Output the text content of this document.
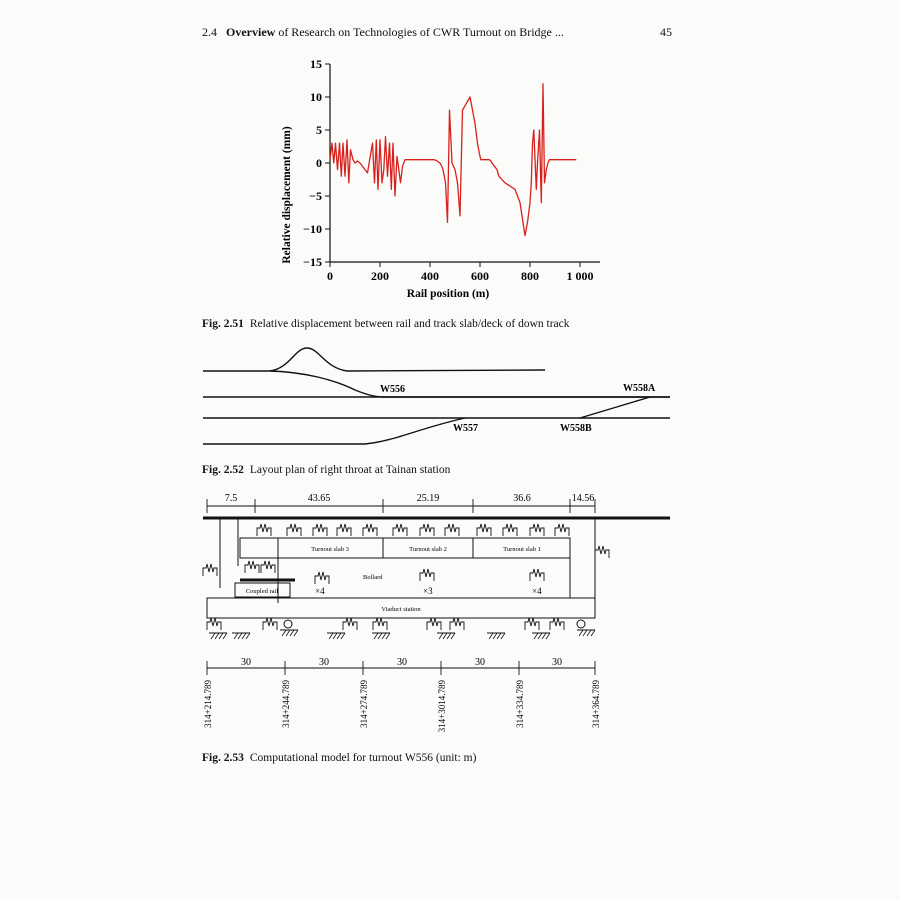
2.4 Overview of Research on Technologies of CWR Turnout on Bridge ...	45
15
10
5
0
−5
−10
−15
0	200	400	600	800 1 000
Relative displacement (mm)
Rail position (m)
Fig. 2.51 Relative displacement between rail and track slab/deck of down track
W556	W558A
W557	W558B
Fig. 2.52 Layout plan of right throat at Tainan station
7.5	43.65	25.19	36.6	14.56
Turnout slab 3	Turnout slab 2	Turnout slab 1
Coupled rail	×4	×3	×4
Bollard
Viaduct station
30	30	30	30	30
314+214.789	314+244.789	314+274.789	314+3014.789	314+334.789	314+364.789
Fig. 2.53 Computational model for turnout W556 (unit: m)
